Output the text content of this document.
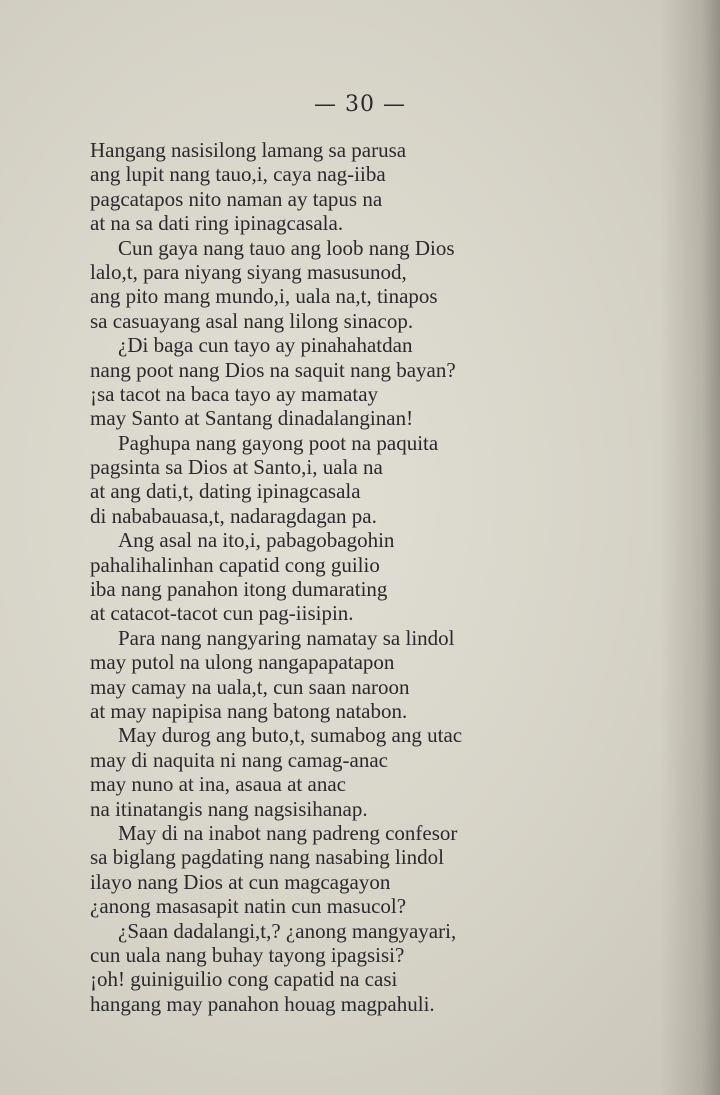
— 30 —
Hangang nasisilong lamang sa parusa
ang lupit nang tauo,i, caya nag-iiba
pagcatapos nito naman ay tapus na
at na sa dati ring ipinagcasala.
Cun gaya nang tauo ang loob nang Dios
lalo,t, para niyang siyang masusunod,
ang pito mang mundo,i, uala na,t, tinapos
sa casuayang asal nang lilong sinacop.
¿Di baga cun tayo ay pinahahatdan
nang poot nang Dios na saquit nang bayan?
¡sa tacot na baca tayo ay mamatay
may Santo at Santang dinadalanginan!
Paghupa nang gayong poot na paquita
pagsinta sa Dios at Santo,i, uala na
at ang dati,t, dating ipinagcasala
di nababauasa,t, nadaragdagan pa.
Ang asal na ito,i, pabagobagohin
pahalihalinhan capatid cong guilio
iba nang panahon itong dumarating
at catacot-tacot cun pag-iisipin.
Para nang nangyaring namatay sa lindol
may putol na ulong nangapapatapon
may camay na uala,t, cun saan naroon
at may napipisa nang batong natabon.
May durog ang buto,t, sumabog ang utac
may di naquita ni nang camag-anac
may nuno at ina, asaua at anac
na itinatangis nang nagsisihanap.
May di na inabot nang padreng confesor
sa biglang pagdating nang nasabing lindol
ilayo nang Dios at cun magcagayon
¿anong masasapit natin cun masucol?
¿Saan dadalangi,t,? ¿anong mangyayari,
cun uala nang buhay tayong ipagsisi?
¡oh! guiniguilio cong capatid na casi
hangang may panahon houag magpahuli.
